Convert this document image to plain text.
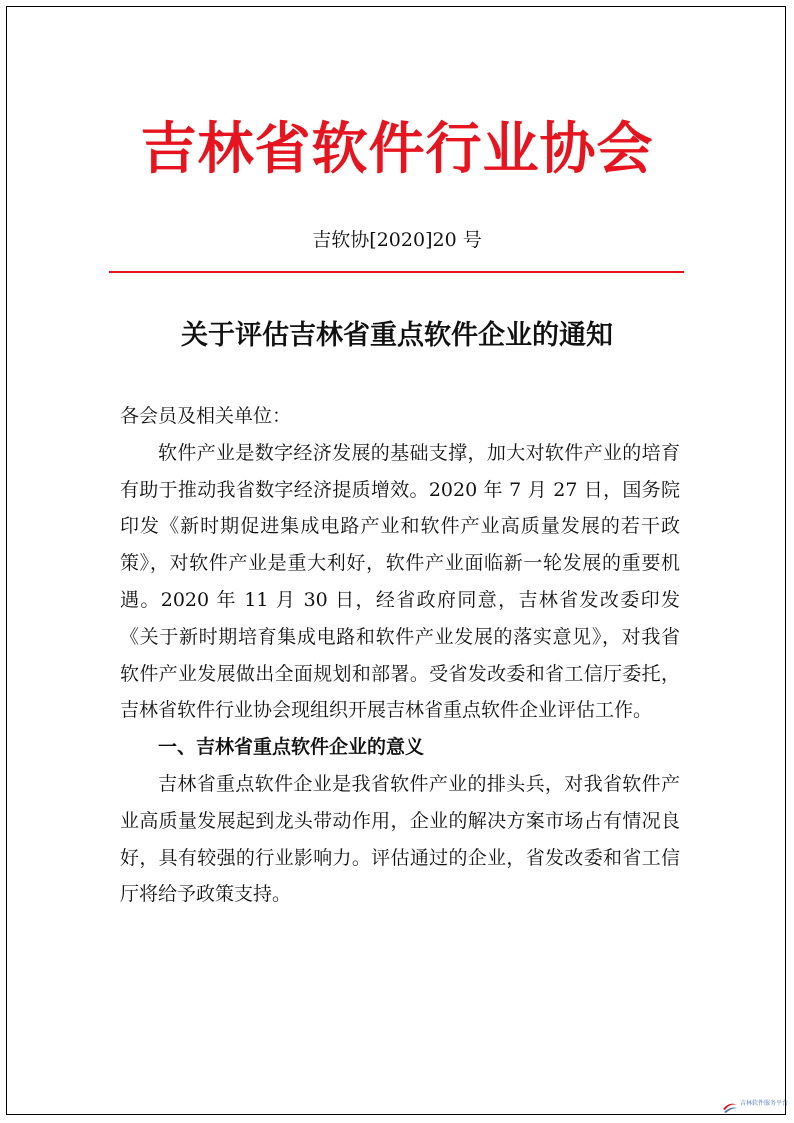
吉林省软件行业协会
吉软协[2020]20 号
关于评估吉林省重点软件企业的通知

各会员及相关单位：

软件产业是数字经济发展的基础支撑，加大对软件产业的培育有助于推动我省数字经济提质增效。2020 年 7 月 27 日，国务院印发《新时期促进集成电路产业和软件产业高质量发展的若干政策》，对软件产业是重大利好，软件产业面临新一轮发展的重要机遇。2020 年 11 月 30 日，经省政府同意，吉林省发改委印发《关于新时期培育集成电路和软件产业发展的落实意见》，对我省软件产业发展做出全面规划和部署。受省发改委和省工信厅委托，吉林省软件行业协会现组织开展吉林省重点软件企业评估工作。

一、吉林省重点软件企业的意义

吉林省重点软件企业是我省软件产业的排头兵，对我省软件产业高质量发展起到龙头带动作用，企业的解决方案市场占有情况良好，具有较强的行业影响力。评估通过的企业，省发改委和省工信厅将给予政策支持。

吉林软件服务平台
